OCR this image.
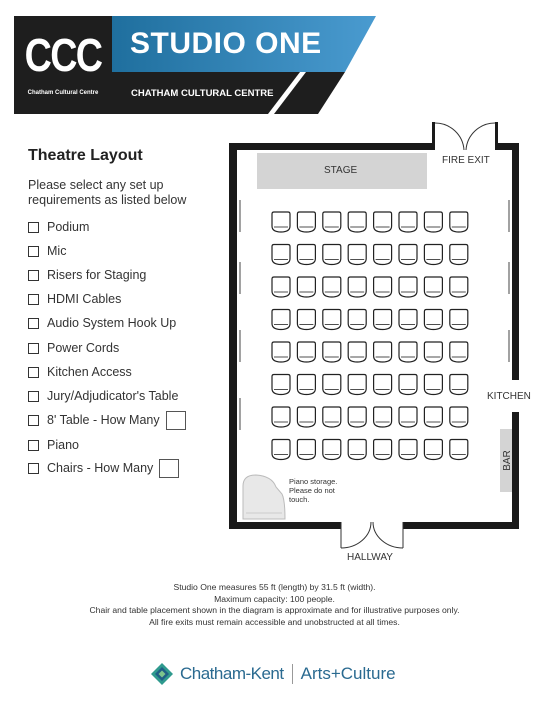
CCC
Chatham Cultural Centre
STUDIO ONE
CHATHAM CULTURAL CENTRE
Theatre Layout
Please select any set up requirements as listed below
Podium
Mic
Risers for Staging
HDMI Cables
Audio System Hook Up
Power Cords
Kitchen Access
Jury/Adjudicator's Table
8' Table - How Many
Piano
Chairs - How Many
STAGE
FIRE EXIT
KITCHEN
BAR
HALLWAY
Piano storage. Please do not touch.
Studio One measures 55 ft (length) by 31.5 ft (width).
Maximum capacity: 100 people.
Chair and table placement shown in the diagram is approximate and for illustrative purposes only.
All fire exits must remain accessible and unobstructed at all times.
Chatham-Kent Arts+Culture
